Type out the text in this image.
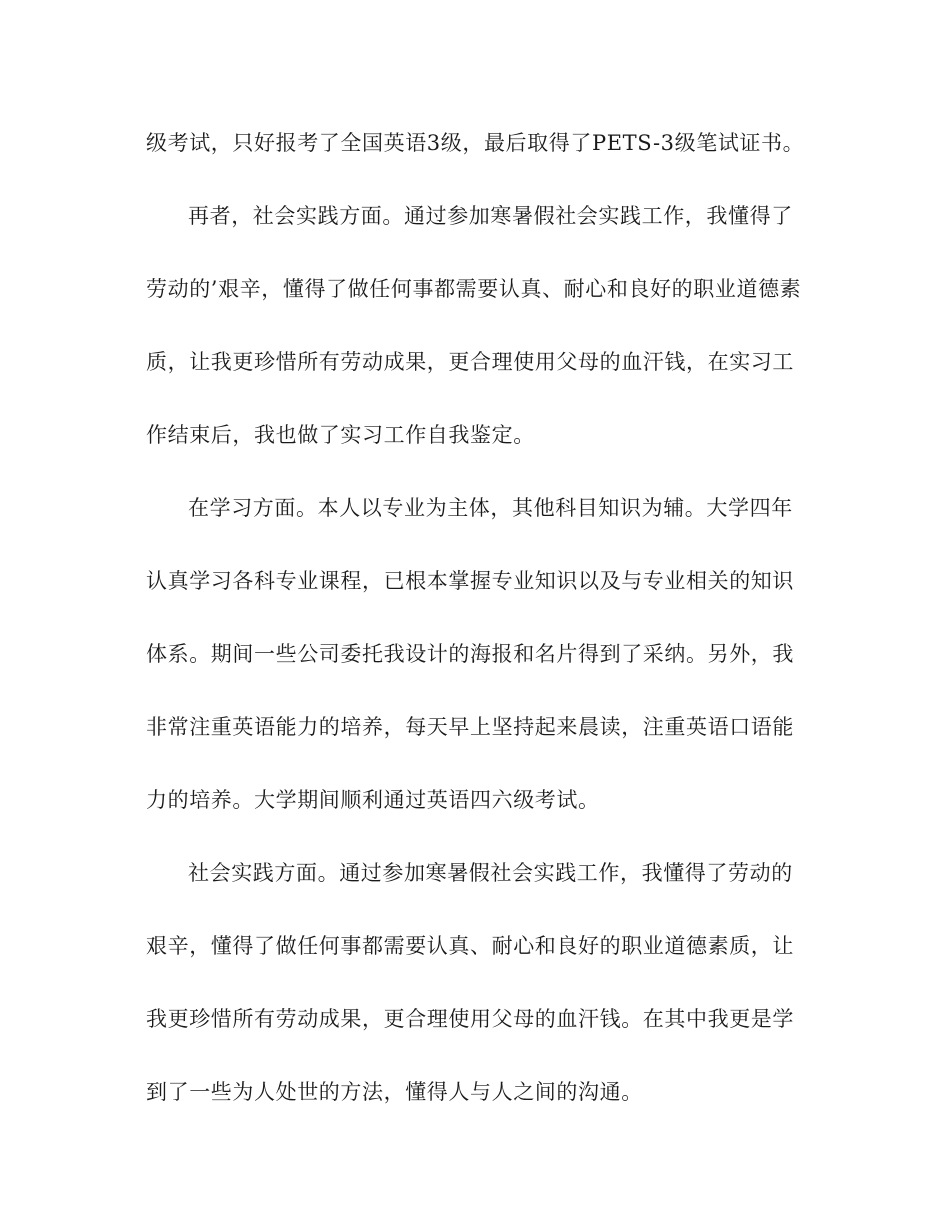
级考试，只好报考了全国英语3级，最后取得了PETS-3级笔试证书。

再者，社会实践方面。通过参加寒暑假社会实践工作，我懂得了

劳动的’艰辛，懂得了做任何事都需要认真、耐心和良好的职业道德素

质，让我更珍惜所有劳动成果，更合理使用父母的血汗钱，在实习工

作结束后，我也做了实习工作自我鉴定。

在学习方面。本人以专业为主体，其他科目知识为辅。大学四年

认真学习各科专业课程，已根本掌握专业知识以及与专业相关的知识

体系。期间一些公司委托我设计的海报和名片得到了采纳。另外，我

非常注重英语能力的培养，每天早上坚持起来晨读，注重英语口语能

力的培养。大学期间顺利通过英语四六级考试。

社会实践方面。通过参加寒暑假社会实践工作，我懂得了劳动的

艰辛，懂得了做任何事都需要认真、耐心和良好的职业道德素质，让

我更珍惜所有劳动成果，更合理使用父母的血汗钱。在其中我更是学

到了一些为人处世的方法，懂得人与人之间的沟通。
